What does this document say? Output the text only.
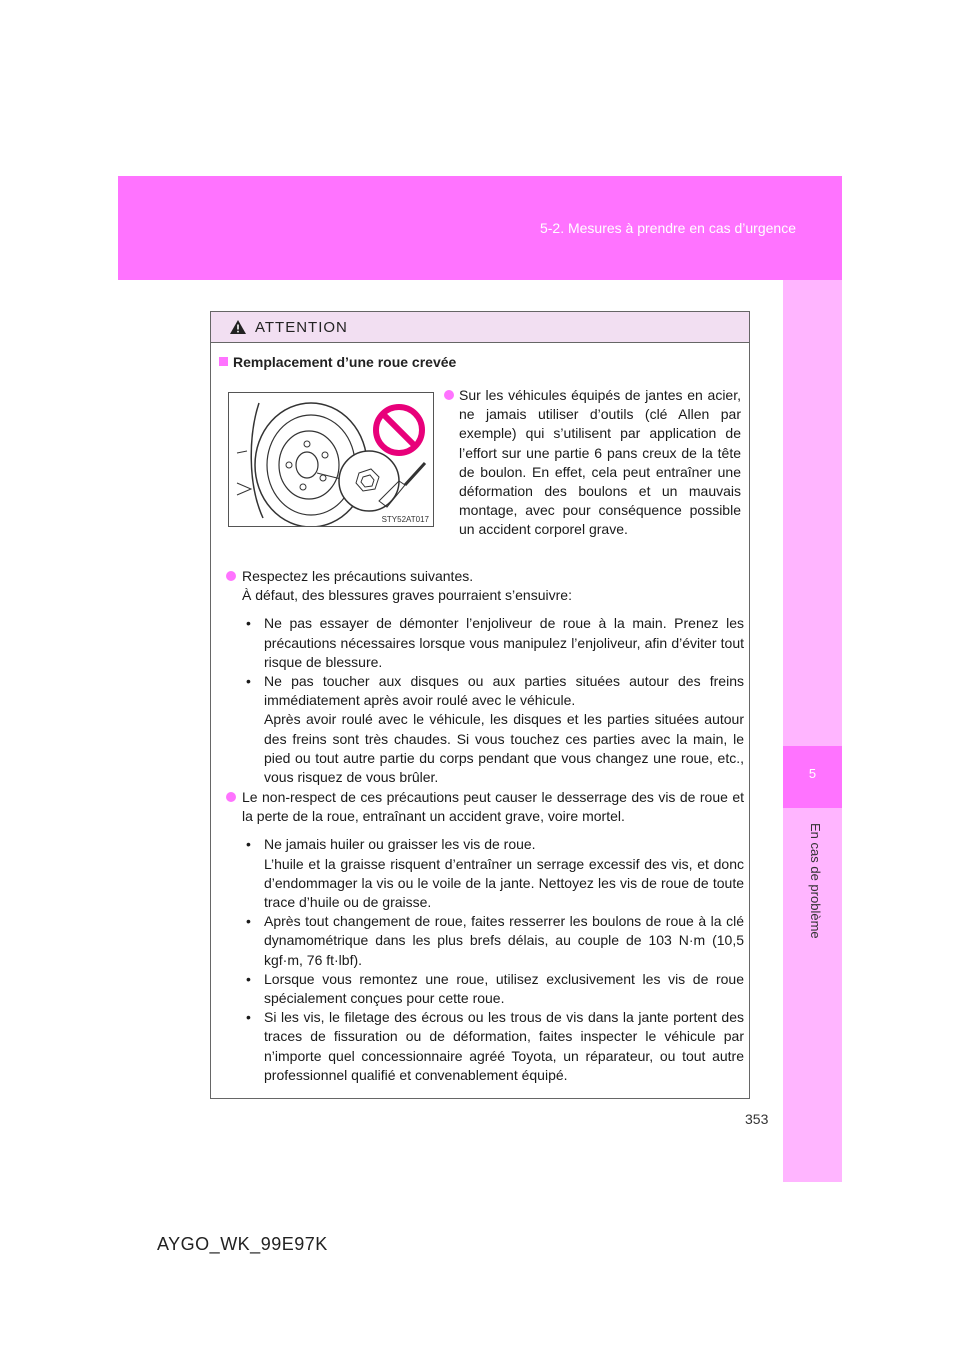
5-2. Mesures à prendre en cas d’urgence
5
En cas de problème
ATTENTION
Remplacement d’une roue crevée
STY52AT017
Sur les véhicules équipés de jantes en acier, ne jamais utiliser d’outils (clé Allen par exemple) qui s’utilisent par application de l’effort sur une partie 6 pans creux de la tête de boulon. En effet, cela peut entraîner une déformation des boulons et un mauvais montage, avec pour conséquence possible un accident corporel grave.
Respectez les précautions suivantes.
À défaut, des blessures graves pourraient s’ensuivre:
• Ne pas essayer de démonter l’enjoliveur de roue à la main. Prenez les précautions nécessaires lorsque vous manipulez l’enjoliveur, afin d’éviter tout risque de blessure.
• Ne pas toucher aux disques ou aux parties situées autour des freins immédiatement après avoir roulé avec le véhicule.
Après avoir roulé avec le véhicule, les disques et les parties situées autour des freins sont très chaudes. Si vous touchez ces parties avec la main, le pied ou tout autre partie du corps pendant que vous changez une roue, etc., vous risquez de vous brûler.
Le non-respect de ces précautions peut causer le desserrage des vis de roue et la perte de la roue, entraînant un accident grave, voire mortel.
• Ne jamais huiler ou graisser les vis de roue.
L’huile et la graisse risquent d’entraîner un serrage excessif des vis, et donc d’endommager la vis ou le voile de la jante. Nettoyez les vis de roue de toute trace d’huile ou de graisse.
• Après tout changement de roue, faites resserrer les boulons de roue à la clé dynamométrique dans les plus brefs délais, au couple de 103 N·m (10,5 kgf·m, 76 ft·lbf).
• Lorsque vous remontez une roue, utilisez exclusivement les vis de roue spécialement conçues pour cette roue.
• Si les vis, le filetage des écrous ou les trous de vis dans la jante portent des traces de fissuration ou de déformation, faites inspecter le véhicule par n’importe quel concessionnaire agréé Toyota, un réparateur, ou tout autre professionnel qualifié et convenablement équipé.
353
AYGO_WK_99E97K
